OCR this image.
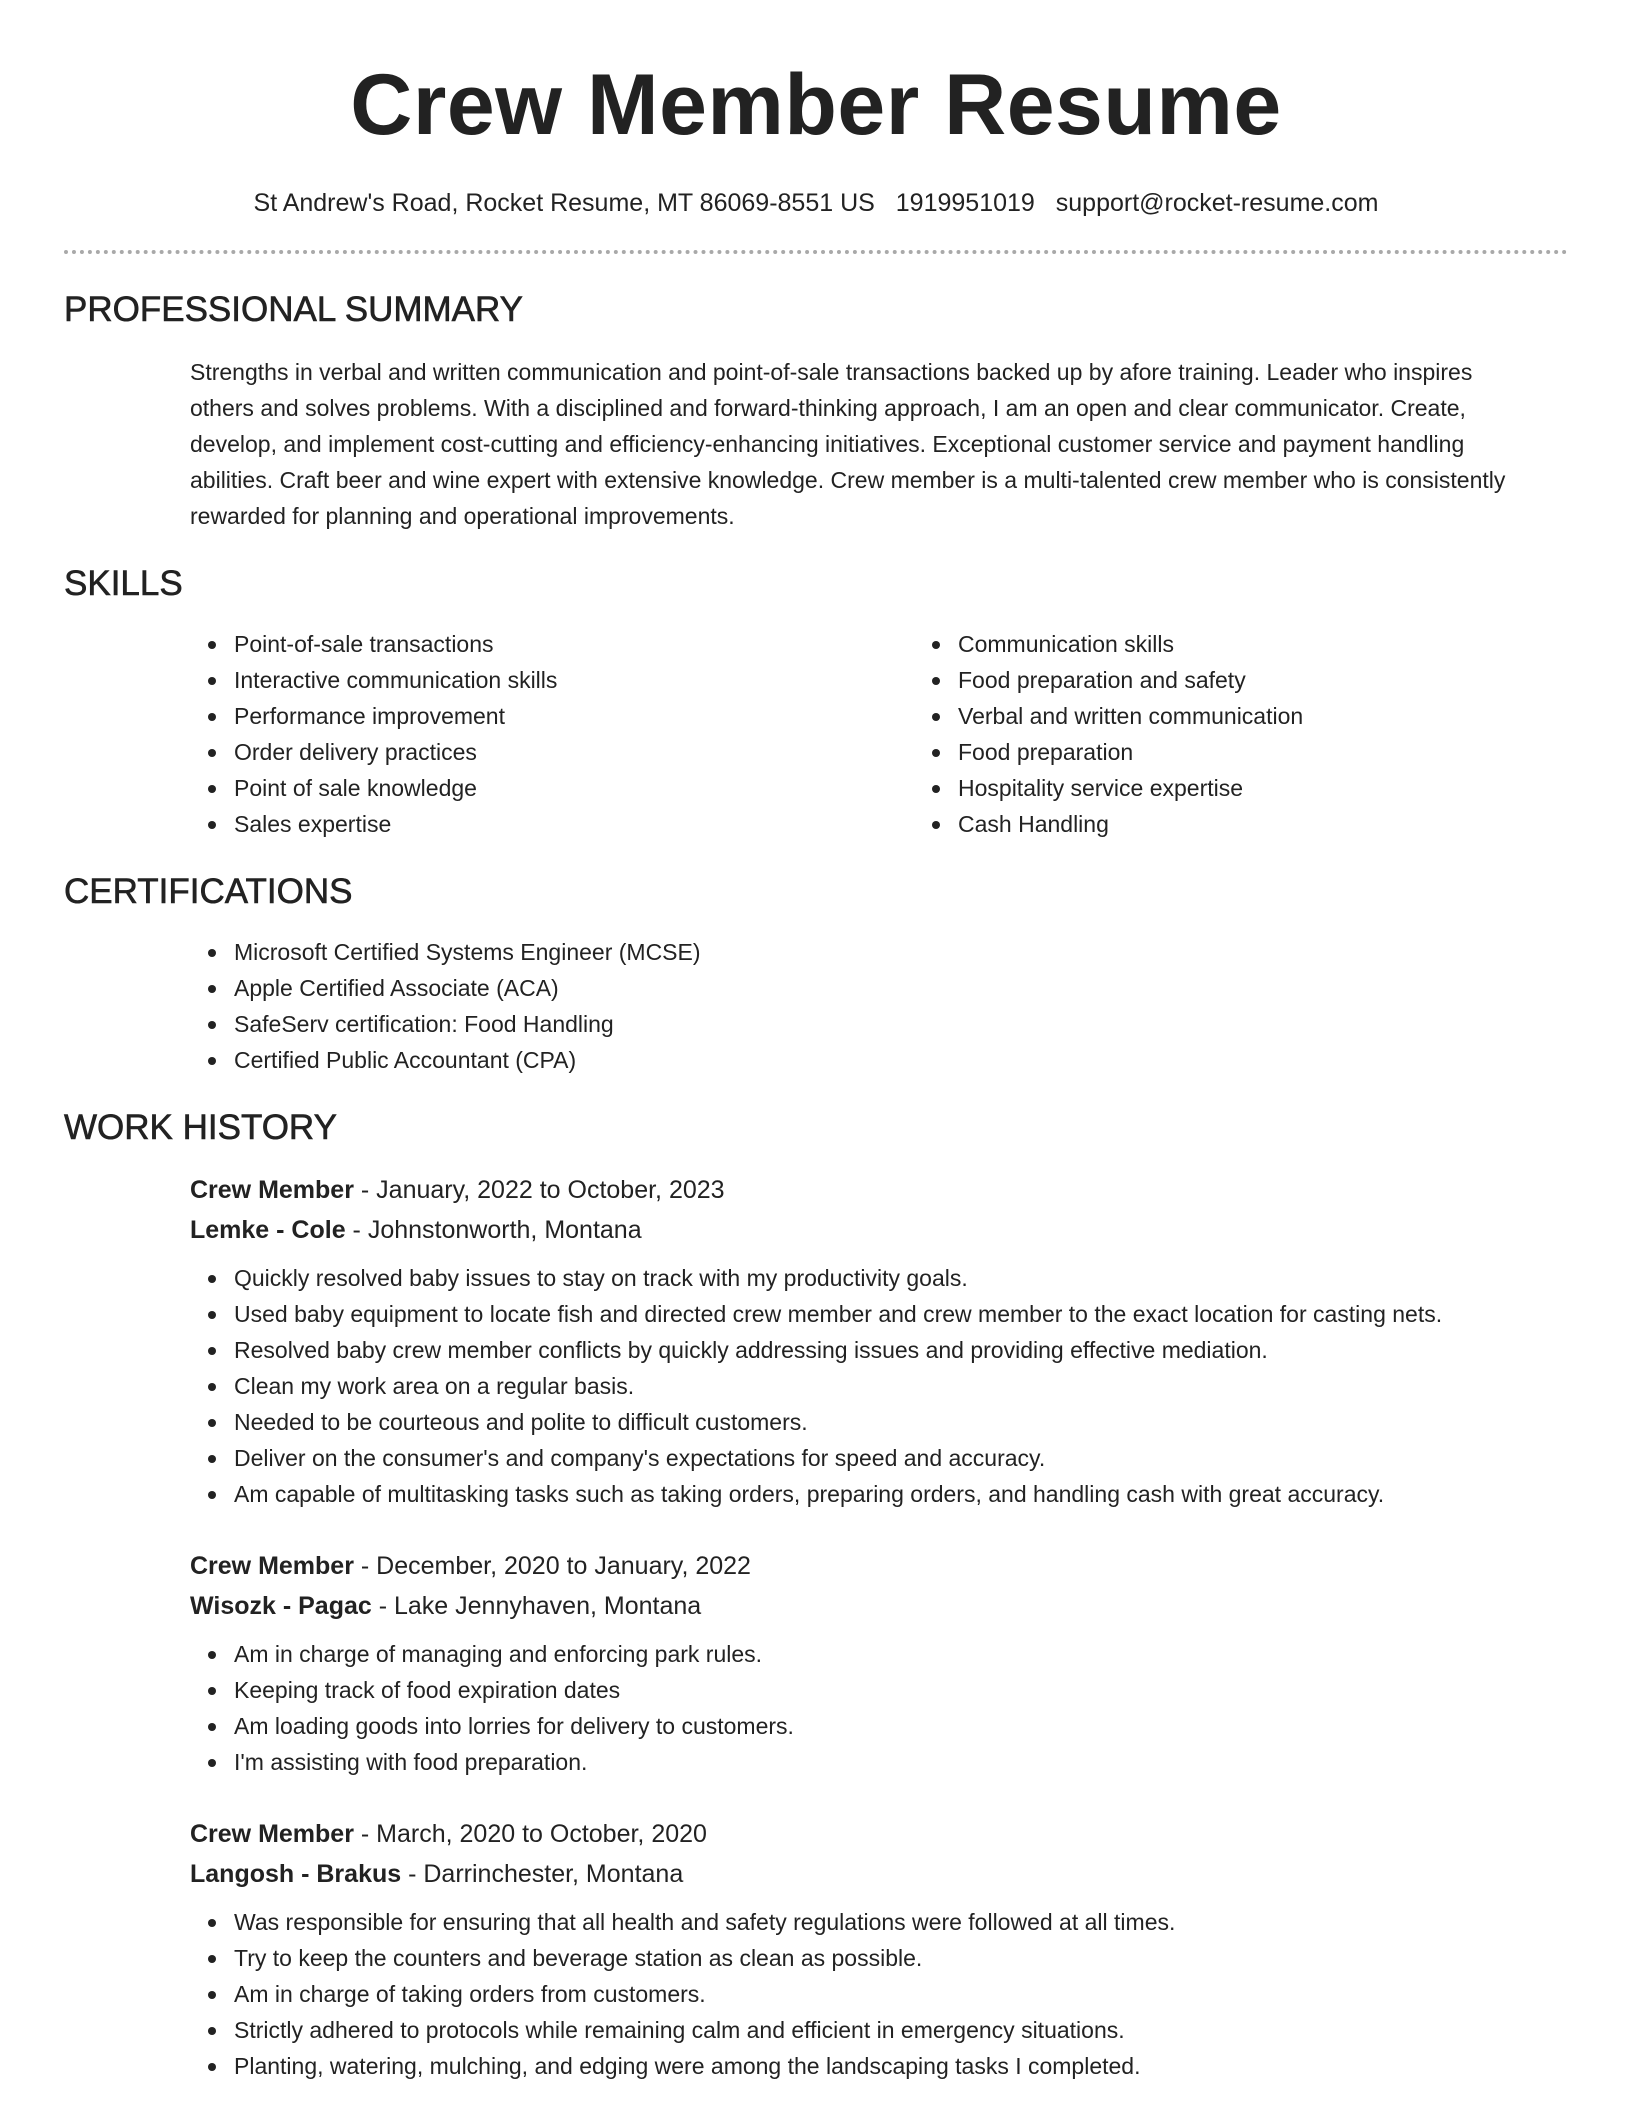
Crew Member Resume
St Andrew's Road, Rocket Resume, MT 86069-8551 US 1919951019 support@rocket-resume.com
PROFESSIONAL SUMMARY

Strengths in verbal and written communication and point-of-sale transactions backed up by afore training. Leader who inspires others and solves problems. With a disciplined and forward-thinking approach, I am an open and clear communicator. Create, develop, and implement cost-cutting and efficiency-enhancing initiatives. Exceptional customer service and payment handling abilities. Craft beer and wine expert with extensive knowledge. Crew member is a multi-talented crew member who is consistently rewarded for planning and operational improvements.

SKILLS
Point-of-sale transactions
Interactive communication skills
Performance improvement
Order delivery practices
Point of sale knowledge
Sales expertise
Communication skills
Food preparation and safety
Verbal and written communication
Food preparation
Hospitality service expertise
Cash Handling
CERTIFICATIONS
Microsoft Certified Systems Engineer (MCSE)
Apple Certified Associate (ACA)
SafeServ certification: Food Handling
Certified Public Accountant (CPA)
WORK HISTORY
Crew Member - January, 2022 to October, 2023
Lemke - Cole - Johnstonworth, Montana
Quickly resolved baby issues to stay on track with my productivity goals.
Used baby equipment to locate fish and directed crew member and crew member to the exact location for casting nets.
Resolved baby crew member conflicts by quickly addressing issues and providing effective mediation.
Clean my work area on a regular basis.
Needed to be courteous and polite to difficult customers.
Deliver on the consumer's and company's expectations for speed and accuracy.
Am capable of multitasking tasks such as taking orders, preparing orders, and handling cash with great accuracy.
Crew Member - December, 2020 to January, 2022
Wisozk - Pagac - Lake Jennyhaven, Montana
Am in charge of managing and enforcing park rules.
Keeping track of food expiration dates
Am loading goods into lorries for delivery to customers.
I'm assisting with food preparation.
Crew Member - March, 2020 to October, 2020
Langosh - Brakus - Darrinchester, Montana
Was responsible for ensuring that all health and safety regulations were followed at all times.
Try to keep the counters and beverage station as clean as possible.
Am in charge of taking orders from customers.
Strictly adhered to protocols while remaining calm and efficient in emergency situations.
Planting, watering, mulching, and edging were among the landscaping tasks I completed.
